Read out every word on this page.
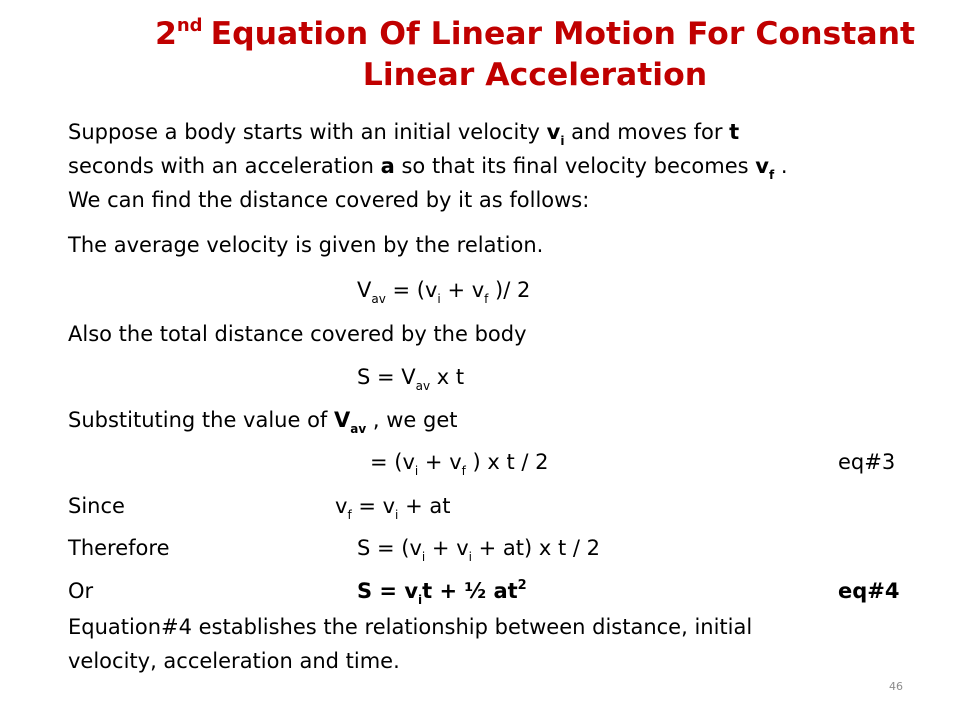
2nd Equation Of Linear Motion For Constant
Linear Acceleration
Suppose a body starts with an initial velocity $v_i$ and moves for t
seconds with an acceleration a so that its final velocity becomes $v_f$ .
We can find the distance covered by it as follows:
The average velocity is given by the relation.
$V_{av} = (v_i + v_f$ )/ 2
Also the total distance covered by the body
$S = V_{av}$ x t
Substituting the value of $V_{av}$ , we get
= ($v_i + v_f$ ) x t / 2	eq#3
Since	$v_f = v_i$ + at
Therefore	$S = (v_i + v_i + at)$ x t / 2
Or	$S = v_it$ + ½ $at^2$	eq#4
Equation#4 establishes the relationship between distance, initial
velocity, acceleration and time.
46
